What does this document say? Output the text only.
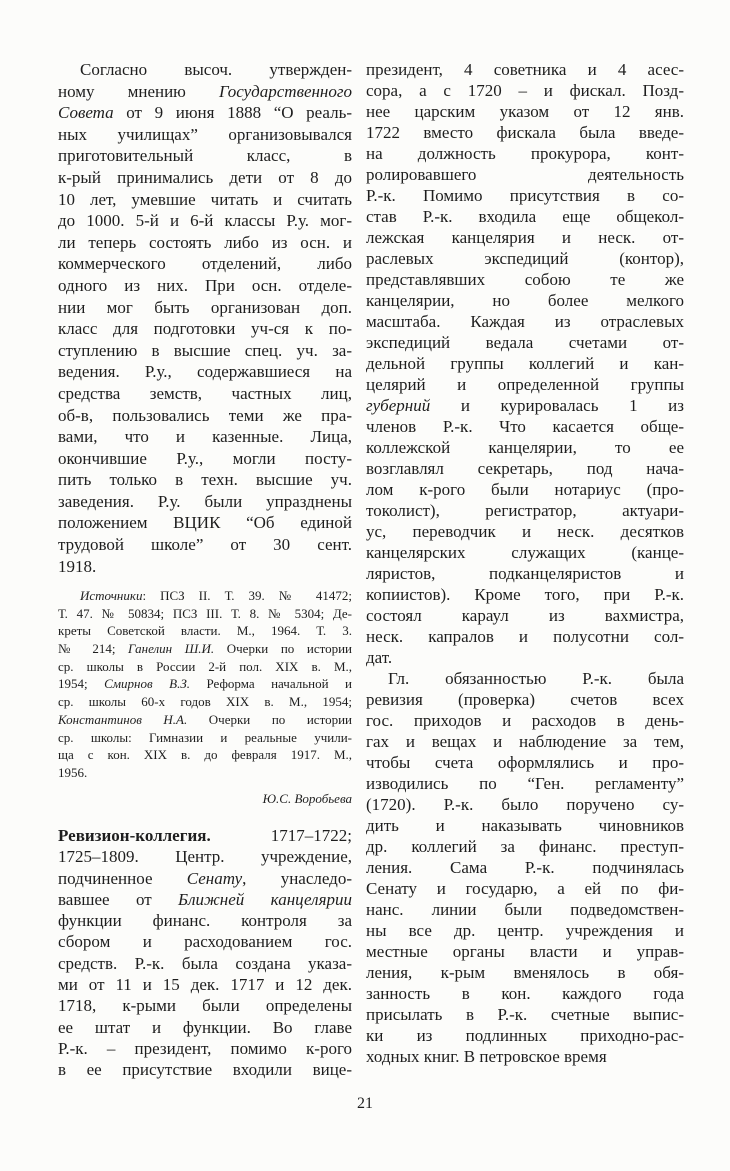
Согласно высоч. утвержден-
ному мнению Государственного
Совета от 9 июня 1888 “О реаль-
ных училищах” организовывался
приготовительный класс, в
к-рый принимались дети от 8 до
10 лет, умевшие читать и считать
до 1000. 5-й и 6-й классы Р.у. мог-
ли теперь состоять либо из осн. и
коммерческого отделений, либо
одного из них. При осн. отделе-
нии мог быть организован доп.
класс для подготовки уч-ся к по-
ступлению в высшие спец. уч. за-
ведения. Р.у., содержавшиеся на
средства земств, частных лиц,
об-в, пользовались теми же пра-
вами, что и казенные. Лица,
окончившие Р.у., могли посту-
пить только в техн. высшие уч.
заведения. Р.у. были упразднены
положением ВЦИК “Об единой
трудовой школе” от 30 сент.
1918.
Источники: ПСЗ II. Т. 39. № 41472;
Т. 47. № 50834; ПСЗ III. Т. 8. № 5304; Де-
креты Советской власти. М., 1964. Т. 3.
№ 214; Ганелин Ш.И. Очерки по истории
ср. школы в России 2-й пол. XIX в. М.,
1954; Смирнов В.З. Реформа начальной и
ср. школы 60-х годов XIX в. М., 1954;
Константинов Н.А. Очерки по истории
ср. школы: Гимназии и реальные учили-
ща с кон. XIX в. до февраля 1917. М.,
1956.
Ю.С. Воробьева
Ревизион-коллегия. 1717–1722;
1725–1809. Центр. учреждение,
подчиненное Сенату, унаследо-
вавшее от Ближней канцелярии
функции финанс. контроля за
сбором и расходованием гос.
средств. Р.-к. была создана указа-
ми от 11 и 15 дек. 1717 и 12 дек.
1718, к-рыми были определены
ее штат и функции. Во главе
Р.-к. – президент, помимо к-рого
в ее присутствие входили вице-
президент, 4 советника и 4 асес-
сора, а с 1720 – и фискал. Позд-
нее царским указом от 12 янв.
1722 вместо фискала была введе-
на должность прокурора, конт-
ролировавшего деятельность
Р.-к. Помимо присутствия в со-
став Р.-к. входила еще общекол-
лежская канцелярия и неск. от-
раслевых экспедиций (контор),
представлявших собою те же
канцелярии, но более мелкого
масштаба. Каждая из отраслевых
экспедиций ведала счетами от-
дельной группы коллегий и кан-
целярий и определенной группы
губерний и курировалась 1 из
членов Р.-к. Что касается обще-
коллежской канцелярии, то ее
возглавлял секретарь, под нача-
лом к-рого были нотариус (про-
токолист), регистратор, актуари-
ус, переводчик и неск. десятков
канцелярских служащих (канце-
ляристов, подканцеляристов и
копиистов). Кроме того, при Р.-к.
состоял караул из вахмистра,
неск. капралов и полусотни сол-
дат.
Гл. обязанностью Р.-к. была
ревизия (проверка) счетов всех
гос. приходов и расходов в день-
гах и вещах и наблюдение за тем,
чтобы счета оформлялись и про-
изводились по “Ген. регламенту”
(1720). Р.-к. было поручено су-
дить и наказывать чиновников
др. коллегий за финанс. преступ-
ления. Сама Р.-к. подчинялась
Сенату и государю, а ей по фи-
нанс. линии были подведомствен-
ны все др. центр. учреждения и
местные органы власти и управ-
ления, к-рым вменялось в обя-
занность в кон. каждого года
присылать в Р.-к. счетные выпис-
ки из подлинных приходно-рас-
ходных книг. В петровское время
21
